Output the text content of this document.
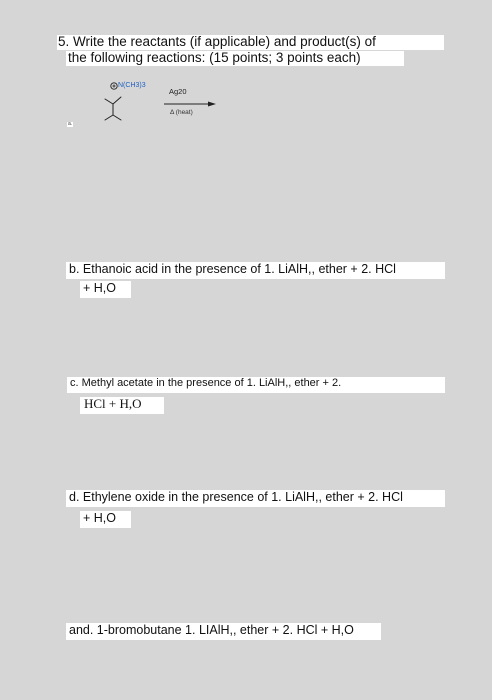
5. Write the reactants (if applicable) and product(s) of
the following reactions: (15 points; 3 points each)
N(CH3)3
Ag20
Δ (heat)
a.
b. Ethanoic acid in the presence of 1. LiAlH,, ether + 2. HCl
+ H,O
c. Methyl acetate in the presence of 1. LiAlH,, ether + 2.
HCl + H,O
d. Ethylene oxide in the presence of 1. LiAlH,, ether + 2. HCl
+ H,O
and. 1-bromobutane 1. LIAlH,, ether + 2. HCl + H,O
